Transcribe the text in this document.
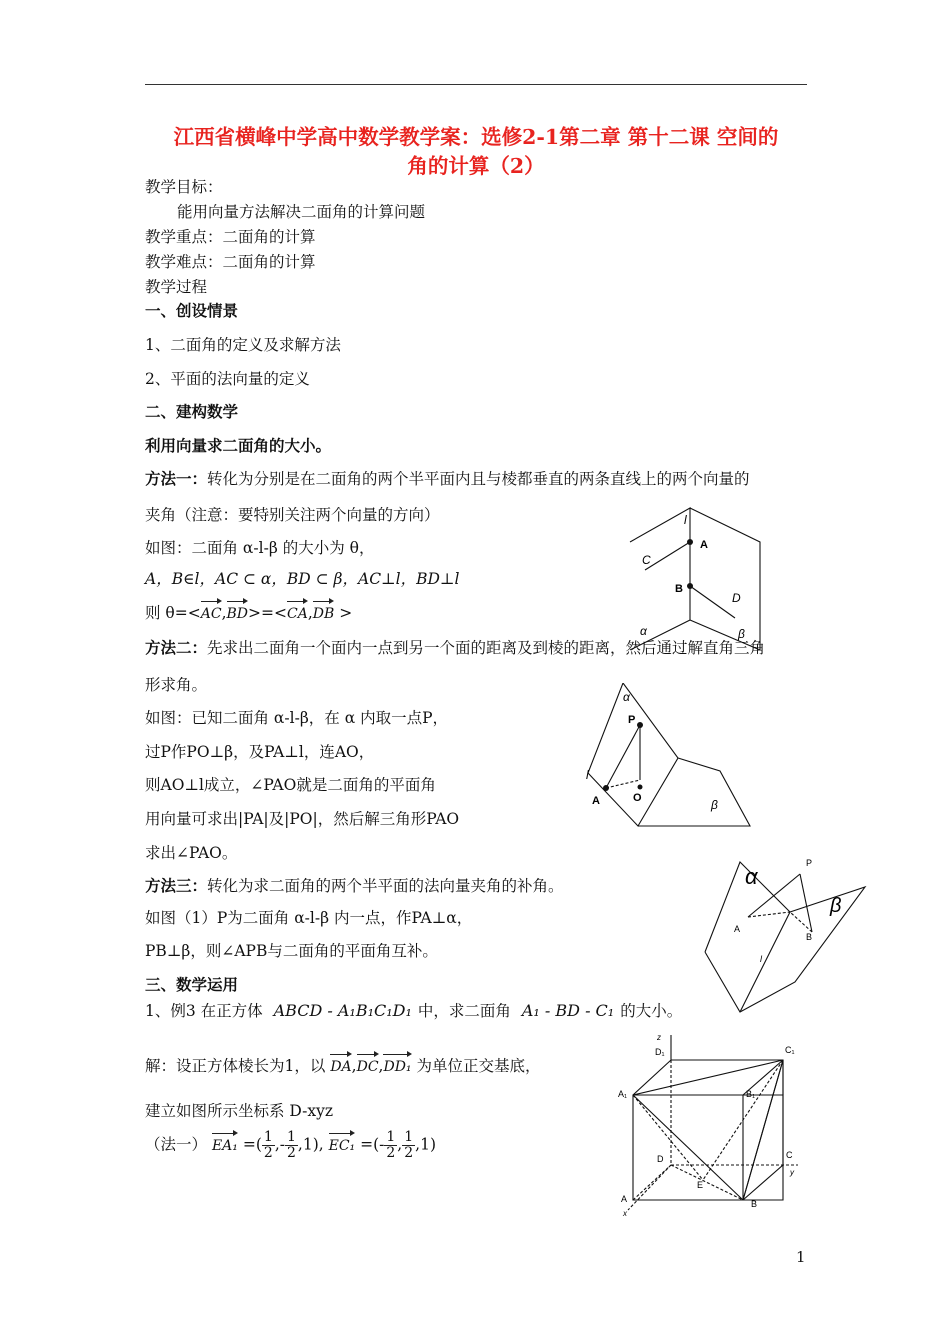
江西省横峰中学高中数学教学案：选修2-1第二章 第十二课 空间的
角的计算（2）
教学目标：
能用向量方法解决二面角的计算问题
教学重点：二面角的计算
教学难点：二面角的计算
教学过程
一、创设情景
1、二面角的定义及求解方法
2、平面的法向量的定义
二、建构数学
利用向量求二面角的大小。
方法一：转化为分别是在二面角的两个半平面内且与棱都垂直的两条直线上的两个向量的
夹角（注意：要特别关注两个向量的方向）
如图：二面角 α-l-β 的大小为 θ，
A，B∈l，AC ⊂ α，BD ⊂ β，AC⊥l，BD⊥l
则 θ=<AC,BD>=<CA,DB >
方法二：先求出二面角一个面内一点到另一个面的距离及到棱的距离，然后通过解直角三角
形求角。
如图：已知二面角 α-l-β，在 α 内取一点P，
过P作PO⊥β，及PA⊥l，连AO，
则AO⊥l成立，∠PAO就是二面角的平面角
用向量可求出|PA|及|PO|，然后解三角形PAO
求出∠PAO。
方法三：转化为求二面角的两个半平面的法向量夹角的补角。
如图（1）P为二面角 α-l-β 内一点，作PA⊥α，
PB⊥β，则∠APB与二面角的平面角互补。
三、数学运用
1、例3 在正方体 ABCD - A₁B₁C₁D₁ 中，求二面角 A₁ - BD - C₁ 的大小。
解：设正方体棱长为1，以 DA,DC,DD₁ 为单位正交基底，
建立如图所示坐标系 D-xyz
（法一） EA₁ =( $\frac{1}{2}$ ,- $\frac{1}{2} ,1$), EC₁ =(- $\frac{1}{2}$ , $\frac{1}{2} ,1$)
l
A
B
C
D
α	β
α
P
l
A	O	β
α
β
P
A
B
l
z
D₁	C₁
A₁	B₁
D	C
E
y
A	B
x
1
